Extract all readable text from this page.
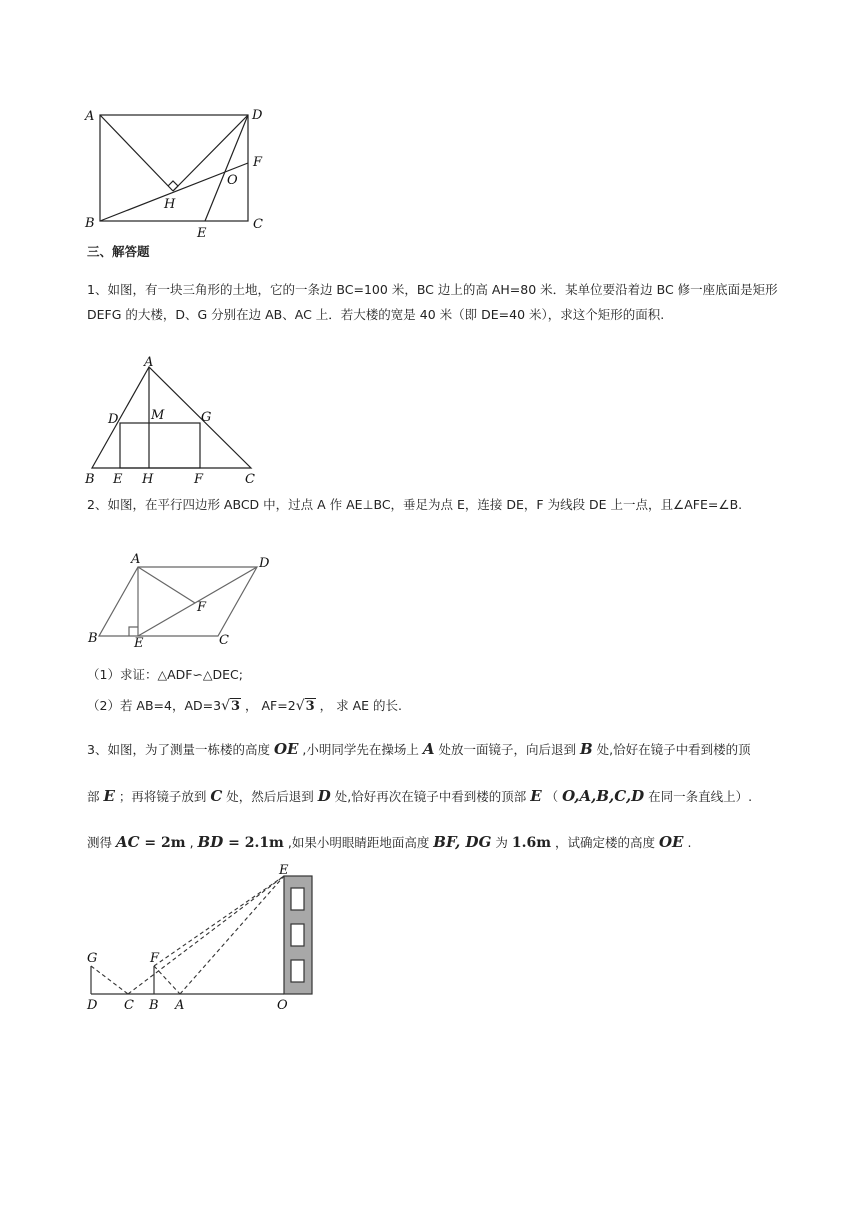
A	D
F
O
H
B	C
E
三、解答题
1、如图，有一块三角形的土地，它的一条边 BC=100 米，BC 边上的高 AH=80 米．某单位要沿着边 BC 修一座底面是矩形
DEFG 的大楼，D、G 分别在边 AB、AC 上．若大楼的宽是 40 米（即 DE=40 米），求这个矩形的面积.
A
D	M	G
B E H	F	C
2、如图，在平行四边形 ABCD 中，过点 A 作 AE⊥BC，垂足为点 E，连接 DE，F 为线段 DE 上一点，且∠AFE=∠B.
A	D
F
B	E	C
（1）求证：△ADF∽△DEC;
（2）若 AB=4，AD=3√3 ， AF=2√3 ， 求 AE 的长.
3、如图，为了测量一栋楼的高度 OE ,小明同学先在操场上 A 处放一面镜子，向后退到 B 处,恰好在镜子中看到楼的顶
部 E ；再将镜子放到 C 处，然后后退到 D 处,恰好再次在镜子中看到楼的顶部 E （ O,A,B,C,D 在同一条直线上）.
测得 AC = 2m , BD = 2.1m ,如果小明眼睛距地面高度 BF, DG 为 1.6m ，试确定楼的高度 OE .
E
G	F
D C B A	O
